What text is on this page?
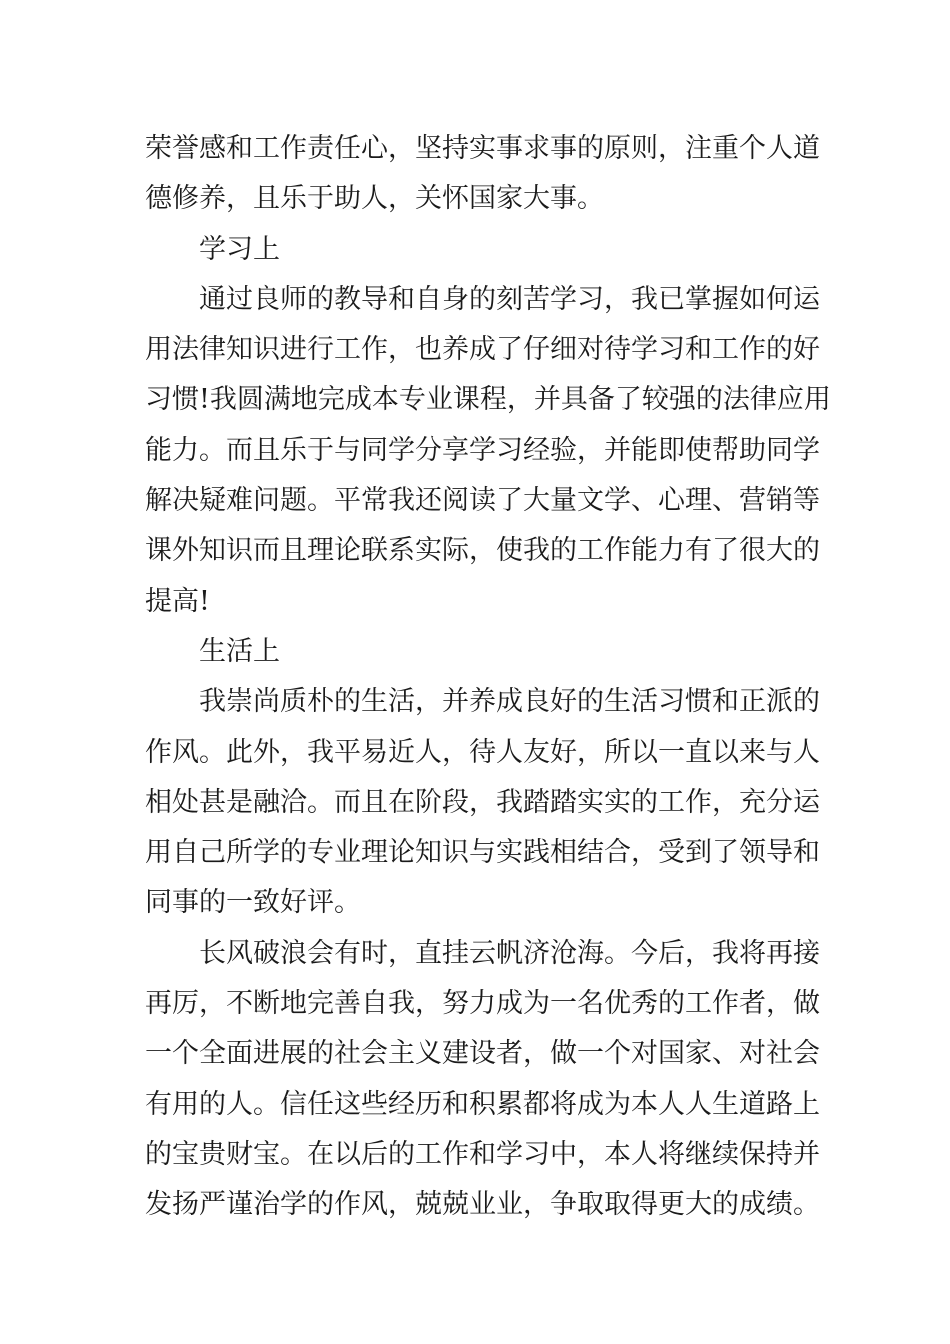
荣誉感和工作责任心，坚持实事求事的原则，注重个人道
德修养，且乐于助人，关怀国家大事。
学习上
通过良师的教导和自身的刻苦学习，我已掌握如何运
用法律知识进行工作，也养成了仔细对待学习和工作的好
习惯!我圆满地完成本专业课程，并具备了较强的法律应用
能力。而且乐于与同学分享学习经验，并能即使帮助同学
解决疑难问题。平常我还阅读了大量文学、心理、营销等
课外知识而且理论联系实际，使我的工作能力有了很大的
提高!
生活上
我崇尚质朴的生活，并养成良好的生活习惯和正派的
作风。此外，我平易近人，待人友好，所以一直以来与人
相处甚是融洽。而且在阶段，我踏踏实实的工作，充分运
用自己所学的专业理论知识与实践相结合，受到了领导和
同事的一致好评。
长风破浪会有时，直挂云帆济沧海。今后，我将再接
再厉，不断地完善自我，努力成为一名优秀的工作者，做
一个全面进展的社会主义建设者，做一个对国家、对社会
有用的人。信任这些经历和积累都将成为本人人生道路上
的宝贵财宝。在以后的工作和学习中，本人将继续保持并
发扬严谨治学的作风，兢兢业业，争取取得更大的成绩。
